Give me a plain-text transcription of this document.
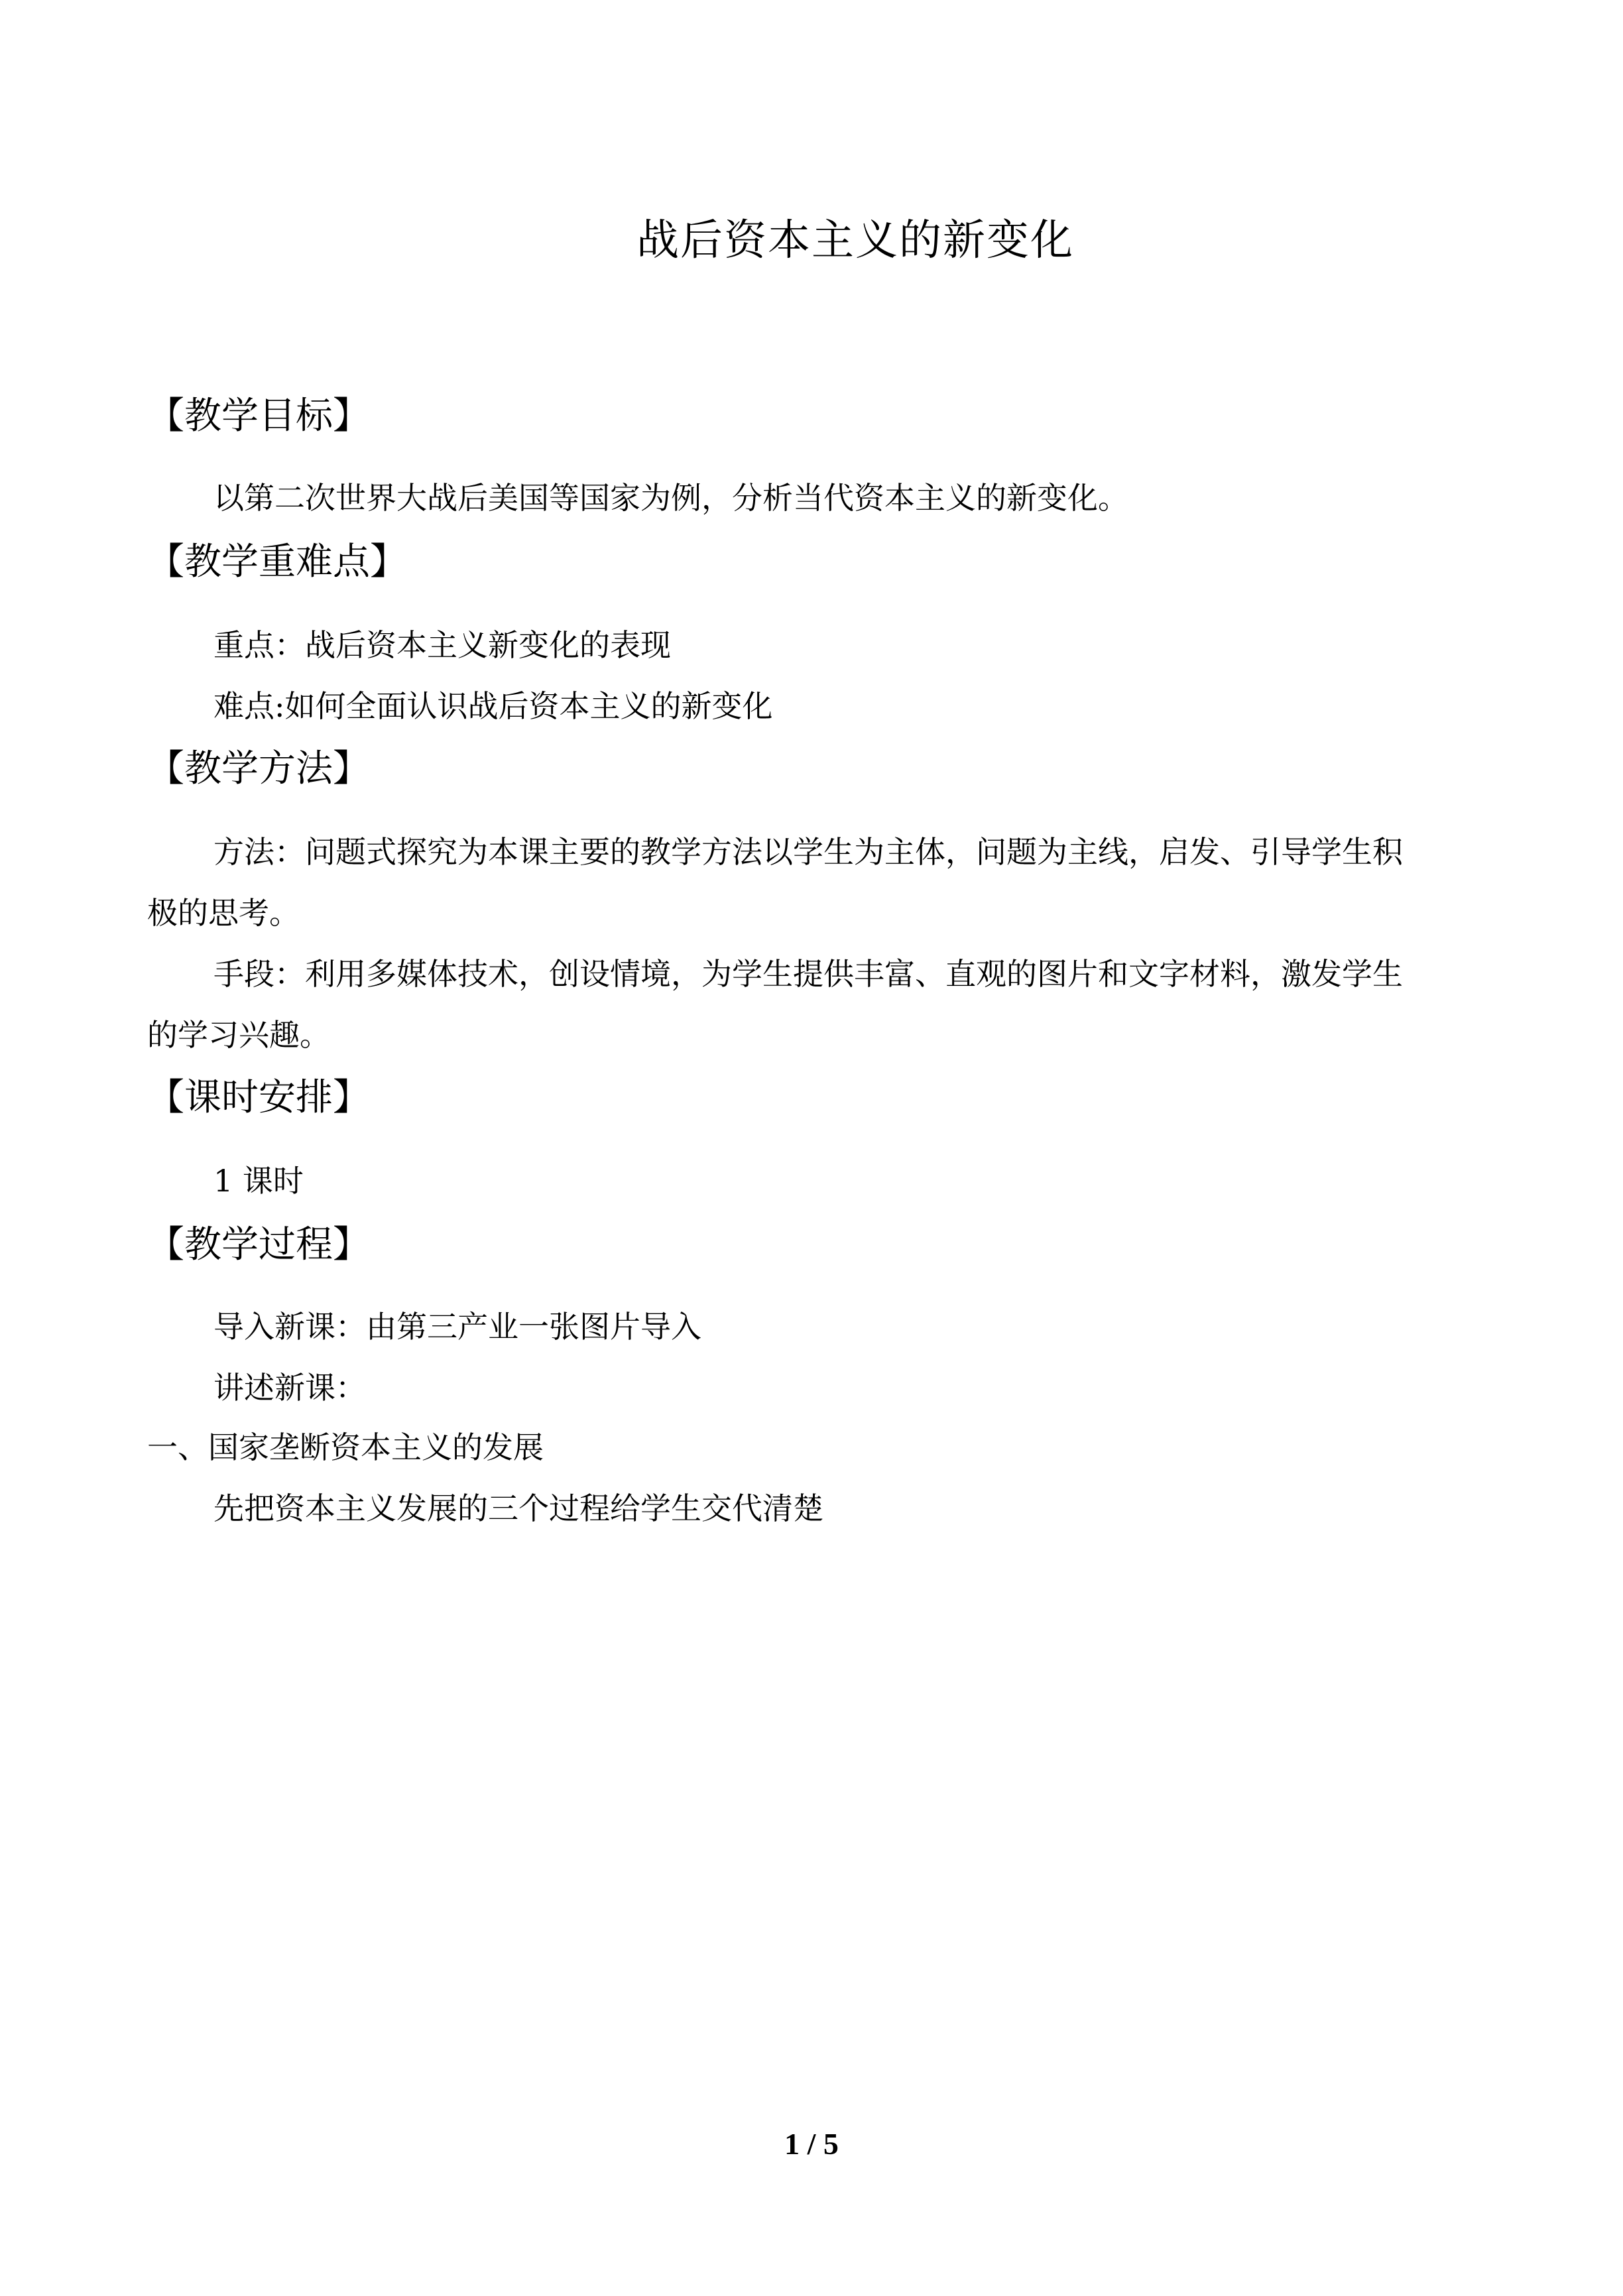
战后资本主义的新变化
【教学目标】
以第二次世界大战后美国等国家为例，分析当代资本主义的新变化。
【教学重难点】
重点：战后资本主义新变化的表现
难点:如何全面认识战后资本主义的新变化
【教学方法】
方法：问题式探究为本课主要的教学方法以学生为主体，问题为主线，启发、引导学生积
极的思考。
手段：利用多媒体技术，创设情境，为学生提供丰富、直观的图片和文字材料，激发学生
的学习兴趣。
【课时安排】
1 课时
【教学过程】
导入新课：由第三产业一张图片导入
讲述新课：
一、国家垄断资本主义的发展
先把资本主义发展的三个过程给学生交代清楚
1 / 5
